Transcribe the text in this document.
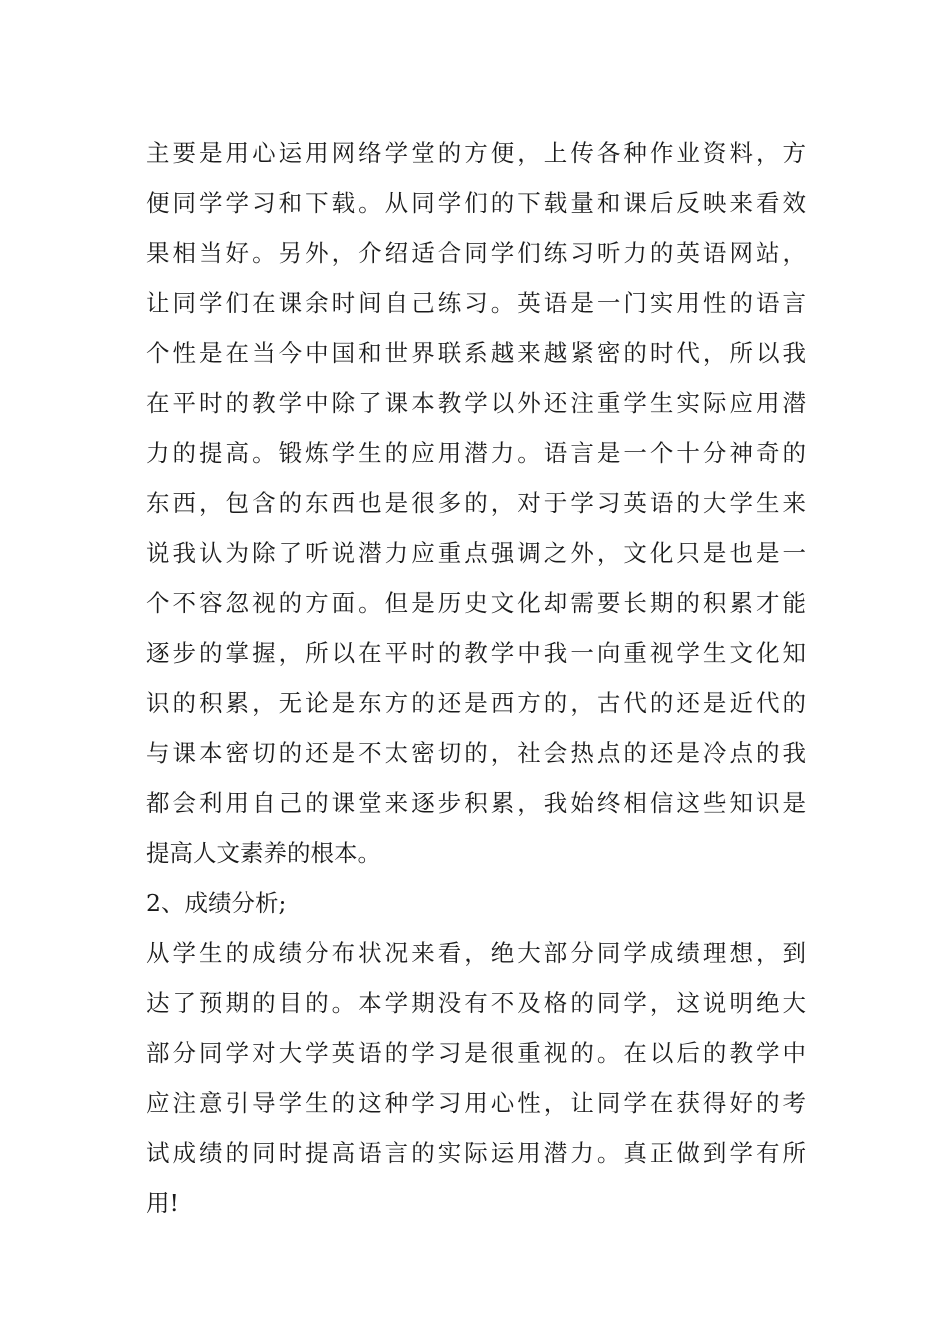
主要是用心运用网络学堂的方便，上传各种作业资料，方
便同学学习和下载。从同学们的下载量和课后反映来看效
果相当好。另外，介绍适合同学们练习听力的英语网站，
让同学们在课余时间自己练习。英语是一门实用性的语言
个性是在当今中国和世界联系越来越紧密的时代，所以我
在平时的教学中除了课本教学以外还注重学生实际应用潜
力的提高。锻炼学生的应用潜力。语言是一个十分神奇的
东西，包含的东西也是很多的，对于学习英语的大学生来
说我认为除了听说潜力应重点强调之外，文化只是也是一
个不容忽视的方面。但是历史文化却需要长期的积累才能
逐步的掌握，所以在平时的教学中我一向重视学生文化知
识的积累，无论是东方的还是西方的，古代的还是近代的
与课本密切的还是不太密切的，社会热点的还是冷点的我
都会利用自己的课堂来逐步积累，我始终相信这些知识是
提高人文素养的根本。
2、成绩分析;
从学生的成绩分布状况来看，绝大部分同学成绩理想，到
达了预期的目的。本学期没有不及格的同学，这说明绝大
部分同学对大学英语的学习是很重视的。在以后的教学中
应注意引导学生的这种学习用心性，让同学在获得好的考
试成绩的同时提高语言的实际运用潜力。真正做到学有所
用!
